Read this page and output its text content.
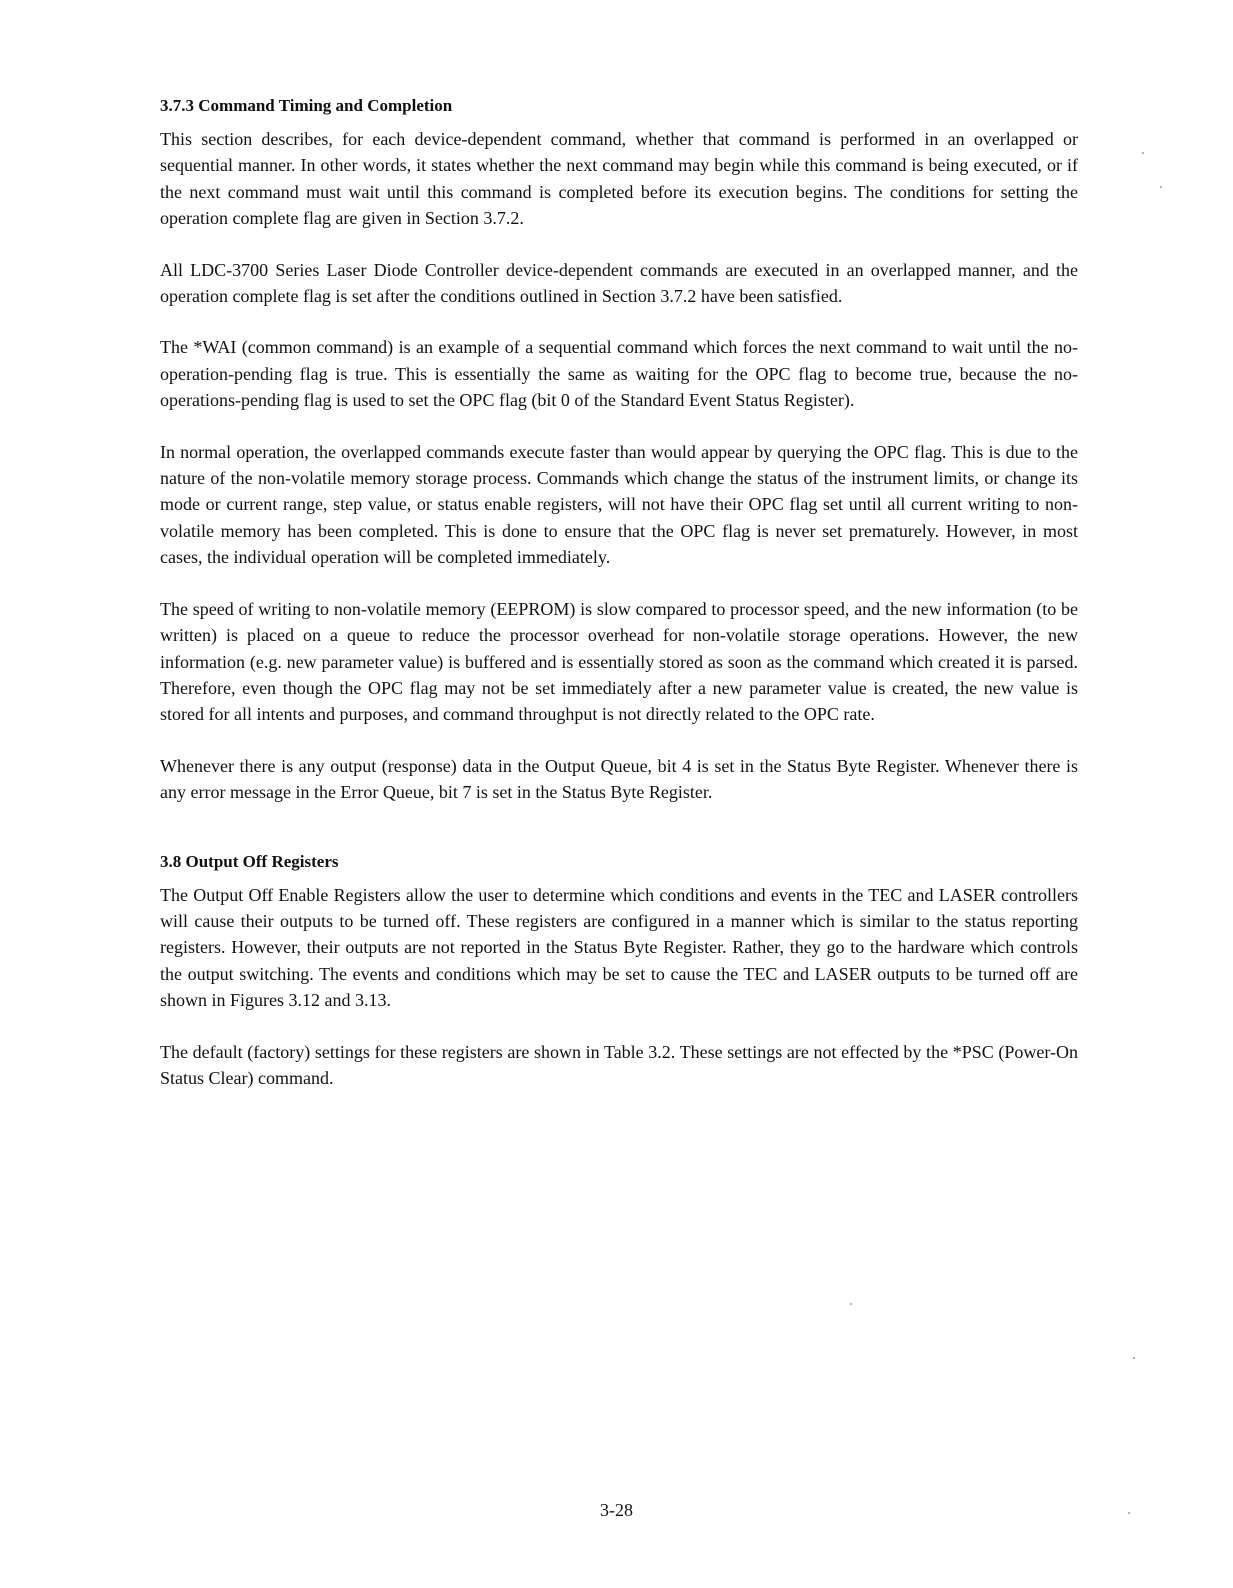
3.7.3 Command Timing and Completion

This section describes, for each device-dependent command, whether that command is performed in an overlapped or sequential manner. In other words, it states whether the next command may begin while this command is being executed, or if the next command must wait until this command is completed before its execution begins. The conditions for setting the operation complete flag are given in Section 3.7.2.

All LDC-3700 Series Laser Diode Controller device-dependent commands are executed in an overlapped manner, and the operation complete flag is set after the conditions outlined in Section 3.7.2 have been satisfied.

The *WAI (common command) is an example of a sequential command which forces the next command to wait until the no-operation-pending flag is true. This is essentially the same as waiting for the OPC flag to become true, because the no-operations-pending flag is used to set the OPC flag (bit 0 of the Standard Event Status Register).

In normal operation, the overlapped commands execute faster than would appear by querying the OPC flag. This is due to the nature of the non-volatile memory storage process. Commands which change the status of the instrument limits, or change its mode or current range, step value, or status enable registers, will not have their OPC flag set until all current writing to non-volatile memory has been completed. This is done to ensure that the OPC flag is never set prematurely. However, in most cases, the individual operation will be completed immediately.

The speed of writing to non-volatile memory (EEPROM) is slow compared to processor speed, and the new information (to be written) is placed on a queue to reduce the processor overhead for non-volatile storage operations. However, the new information (e.g. new parameter value) is buffered and is essentially stored as soon as the command which created it is parsed. Therefore, even though the OPC flag may not be set immediately after a new parameter value is created, the new value is stored for all intents and purposes, and command throughput is not directly related to the OPC rate.

Whenever there is any output (response) data in the Output Queue, bit 4 is set in the Status Byte Register. Whenever there is any error message in the Error Queue, bit 7 is set in the Status Byte Register.

3.8 Output Off Registers

The Output Off Enable Registers allow the user to determine which conditions and events in the TEC and LASER controllers will cause their outputs to be turned off. These registers are configured in a manner which is similar to the status reporting registers. However, their outputs are not reported in the Status Byte Register. Rather, they go to the hardware which controls the output switching. The events and conditions which may be set to cause the TEC and LASER outputs to be turned off are shown in Figures 3.12 and 3.13.

The default (factory) settings for these registers are shown in Table 3.2. These settings are not effected by the *PSC (Power-On Status Clear) command.

3-28
